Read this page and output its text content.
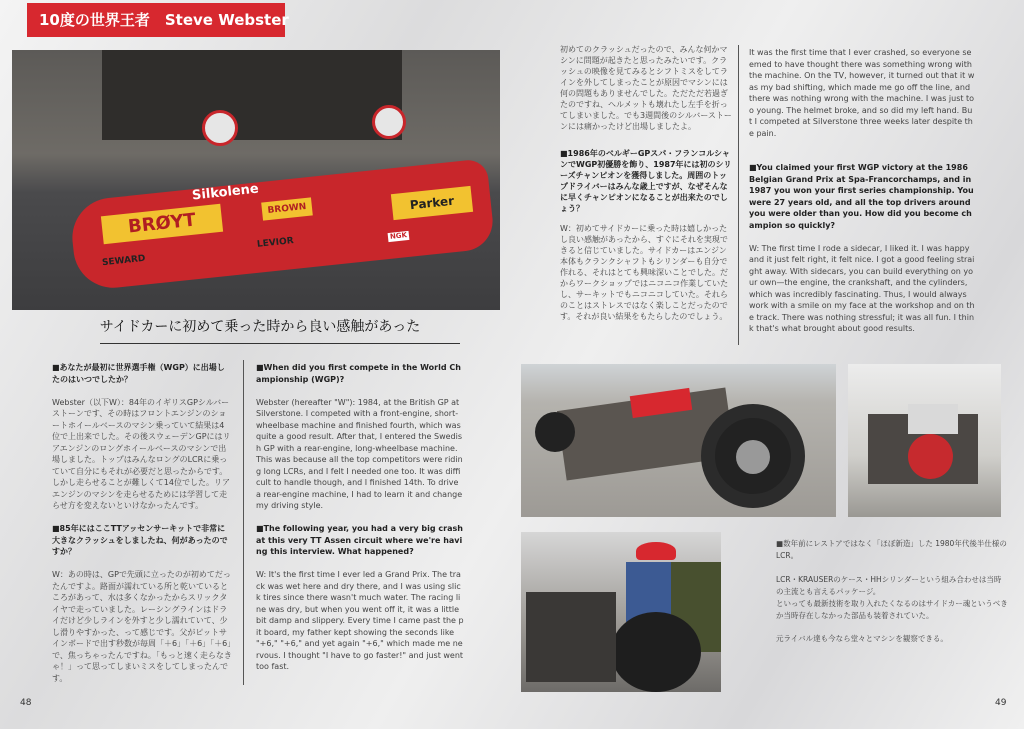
10度の世界王者　Steve Webster
BRØYT
Silkolene	Parker
BROWN
SEWARD
LEVIOR
NGK
サイドカーに初めて乗った時から良い感触があった

■あなたが最初に世界選手権（WGP）に出場したのはいつでしたか？

Webster（以下W）：84年のイギリスGPシルバーストーンです、その時はフロントエンジンのショートホイールベースのマシン乗っていて結果は4位で上出来でした。その後スウェーデンGPにはリアエンジンのロングホイールベースのマシンで出場しました。トップはみんなロングのLCRに乗っていて自分にもそれが必要だと思ったからです。しかし走らせることが難しくて14位でした。リアエンジンのマシンを走らせるためには学習して走らせ方を変えないといけなかったんです。

■85年にはここTTアッセンサーキットで非常に大きなクラッシュをしましたね、何があったのですか？

W：あの時は、GPで先頭に立ったのが初めてだったんですよ。路面が濡れている所と乾いているところがあって、水は多くなかったからスリックタイヤで走っていました。レーシングラインはドライだけど少しラインを外すと少し濡れていて、少し滑りやすかった、って感じです。父がピットサインボードで出す秒数が毎周「＋6」「＋6」「＋6」で、焦っちゃったんですね。「もっと速く走らなきゃ！」って思ってしまいミスをしてしまったんです。

■When did you first compete in the World Championship (WGP)?

Webster (hereafter "W"): 1984, at the British GP at Silverstone. I competed with a front-engine, short-wheelbase machine and finished fourth, which was quite a good result. After that, I entered the Swedish GP with a rear-engine, long-wheelbase machine. This was because all the top competitors were riding long LCRs, and I felt I needed one too. It was difficult to handle though, and I finished 14th. To drive a rear-engine machine, I had to learn it and change my driving style.

■The following year, you had a very big crash at this very TT Assen circuit where we're having this interview. What happened?

W: It's the first time I ever led a Grand Prix. The track was wet here and dry there, and I was using slick tires since there wasn't much water. The racing line was dry, but when you went off it, it was a little bit damp and slippery. Every time I came past the pit board, my father kept showing the seconds like "+6," "+6," and yet again "+6," which made me nervous. I thought "I have to go faster!" and just went too fast.

初めてのクラッシュだったので、みんな何かマシンに問題が起きたと思ったみたいです。クラッシュの映像を見てみるとシフトミスをしてラインを外してしまったことが原因でマシンには何の問題もありませんでした。ただただ若過ぎたのですね、ヘルメットも壊れたし左手を折ってしまいました。でも3週間後のシルバーストーンには痛かったけど出場しましたよ。

■1986年のベルギーGPスパ・フランコルシャンでWGP初優勝を飾り、1987年には初のシリーズチャンピオンを獲得しました。周囲のトップドライバーはみんな歳上ですが、なぜそんなに早くチャンピオンになることが出来たのでしょう？

W：初めてサイドカーに乗った時は嬉しかったし良い感触があったから、すぐにそれを実現できると信じていました。サイドカーはエンジン本体もクランクシャフトもシリンダーも自分で作れる、それはとても興味深いことでした。だからワークショップではニコニコ作業していたし、サーキットでもニコニコしていた。それらのことはストレスではなく楽しことだったのです。それが良い結果をもたらしたのでしょう。

It was the first time that I ever crashed, so everyone seemed to have thought there was something wrong with the machine. On the TV, however, it turned out that it was my bad shifting, which made me go off the line, and there was nothing wrong with the machine. I was just too young. The helmet broke, and so did my left hand. But I competed at Silverstone three weeks later despite the pain.

■You claimed your first WGP victory at the 1986 Belgian Grand Prix at Spa-Francorchamps, and in 1987 you won your first series championship. You were 27 years old, and all the top drivers around you were older than you. How did you become champion so quickly?

W: The first time I rode a sidecar, I liked it. I was happy and it just felt right, it felt nice. I got a good feeling straight away. With sidecars, you can build everything on your own—the engine, the crankshaft, and the cylinders, which was incredibly fascinating. Thus, I would always work with a smile on my face at the workshop and on the track. There was nothing stressful; it was all fun. I think that's what brought about good results.

■数年前にレストアではなく「ほぼ新造」した 1980年代後半仕様のLCR。

LCR・KRAUSERのケース・HHシリンダーという組み合わせは当時の主流とも言えるパッケージ。

といっても最新技術を取り入れたくなるのはサイドカー魂というべきか当時存在しなかった部品も装着されていた。

元ライバル達も今なら堂々とマシンを観察できる。

48	49
